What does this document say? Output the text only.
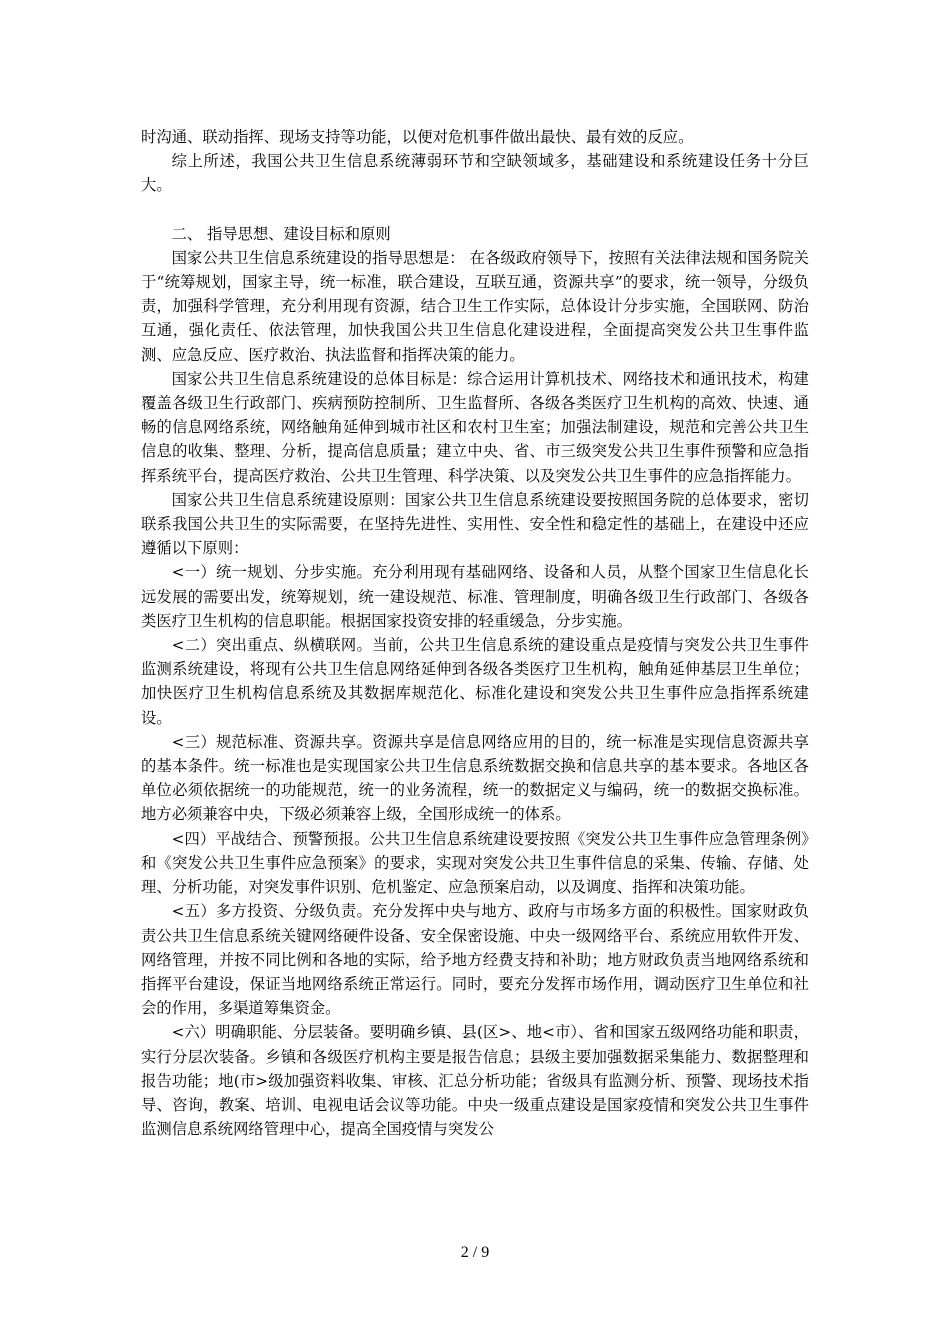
时沟通、联动指挥、现场支持等功能，以便对危机事件做出最快、最有效的反应。

综上所述，我国公共卫生信息系统薄弱环节和空缺领域多，基础建设和系统建设任务十分巨大。

二、 指导思想、建设目标和原则

国家公共卫生信息系统建设的指导思想是： 在各级政府领导下，按照有关法律法规和国务院关于“统筹规划，国家主导，统一标准，联合建设，互联互通，资源共享”的要求，统一领导，分级负责，加强科学管理，充分利用现有资源，结合卫生工作实际，总体设计分步实施，全国联网、防治互通，强化责任、依法管理，加快我国公共卫生信息化建设进程，全面提高突发公共卫生事件监测、应急反应、医疗救治、执法监督和指挥决策的能力。

国家公共卫生信息系统建设的总体目标是：综合运用计算机技术、网络技术和通讯技术，构建覆盖各级卫生行政部门、疾病预防控制所、卫生监督所、各级各类医疗卫生机构的高效、快速、通畅的信息网络系统，网络触角延伸到城市社区和农村卫生室；加强法制建设，规范和完善公共卫生信息的收集、整理、分析，提高信息质量；建立中央、省、市三级突发公共卫生事件预警和应急指挥系统平台，提高医疗救治、公共卫生管理、科学决策、以及突发公共卫生事件的应急指挥能力。

国家公共卫生信息系统建设原则：国家公共卫生信息系统建设要按照国务院的总体要求，密切联系我国公共卫生的实际需要，在坚持先进性、实用性、安全性和稳定性的基础上，在建设中还应遵循以下原则：

<一）统一规划、分步实施。充分利用现有基础网络、设备和人员，从整个国家卫生信息化长远发展的需要出发，统筹规划，统一建设规范、标准、管理制度，明确各级卫生行政部门、各级各类医疗卫生机构的信息职能。根据国家投资安排的轻重缓急，分步实施。

<二）突出重点、纵横联网。当前，公共卫生信息系统的建设重点是疫情与突发公共卫生事件监测系统建设，将现有公共卫生信息网络延伸到各级各类医疗卫生机构，触角延伸基层卫生单位；加快医疗卫生机构信息系统及其数据库规范化、标准化建设和突发公共卫生事件应急指挥系统建设。

<三）规范标准、资源共享。资源共享是信息网络应用的目的，统一标准是实现信息资源共享的基本条件。统一标准也是实现国家公共卫生信息系统数据交换和信息共享的基本要求。各地区各单位必须依据统一的功能规范，统一的业务流程，统一的数据定义与编码，统一的数据交换标准。地方必须兼容中央，下级必须兼容上级，全国形成统一的体系。

<四）平战结合、预警预报。公共卫生信息系统建设要按照《突发公共卫生事件应急管理条例》和《突发公共卫生事件应急预案》的要求，实现对突发公共卫生事件信息的采集、传输、存储、处理、分析功能，对突发事件识别、危机鉴定、应急预案启动，以及调度、指挥和决策功能。

<五）多方投资、分级负责。充分发挥中央与地方、政府与市场多方面的积极性。国家财政负责公共卫生信息系统关键网络硬件设备、安全保密设施、中央一级网络平台、系统应用软件开发、网络管理，并按不同比例和各地的实际，给予地方经费支持和补助；地方财政负责当地网络系统和指挥平台建设，保证当地网络系统正常运行。同时，要充分发挥市场作用，调动医疗卫生单位和社会的作用，多渠道筹集资金。

<六）明确职能、分层装备。要明确乡镇、县(区>、地<市）、省和国家五级网络功能和职责，实行分层次装备。乡镇和各级医疗机构主要是报告信息；县级主要加强数据采集能力、数据整理和报告功能；地(市>级加强资料收集、审核、汇总分析功能；省级具有监测分析、预警、现场技术指导、咨询，教案、培训、电视电话会议等功能。中央一级重点建设是国家疫情和突发公共卫生事件监测信息系统网络管理中心，提高全国疫情与突发公

2 / 9
